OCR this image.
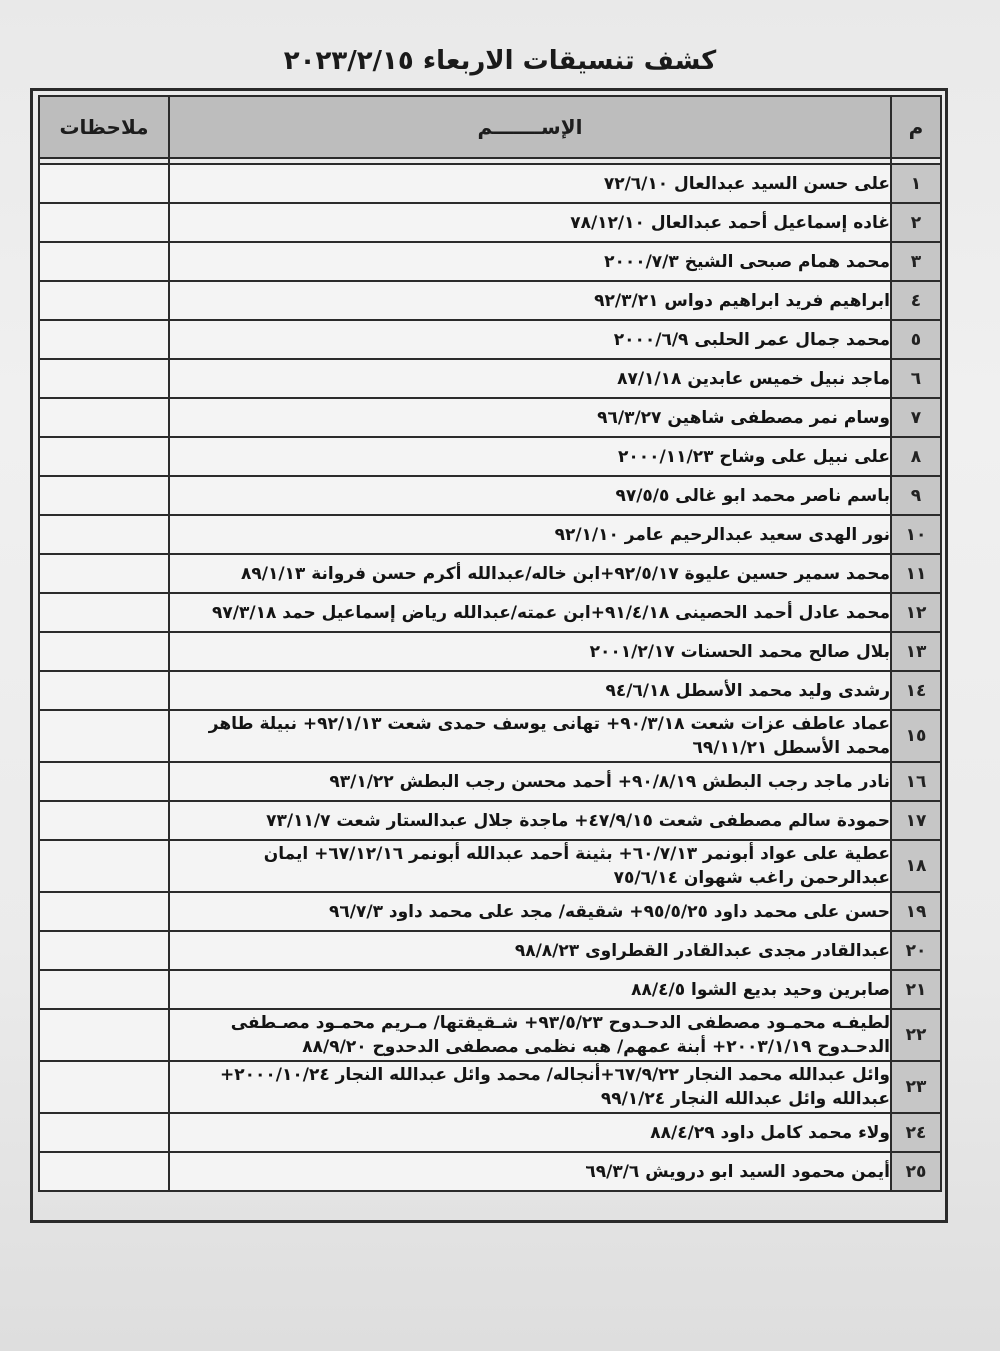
كشف تنسيقات الاربعاء ٢٠٢٣/٢/١٥
م	الإســـــــم	ملاحظات

١	على حسن السيد عبدالعال ٧٢/٦/١٠	
٢	غاده إسماعيل أحمد عبدالعال ٧٨/١٢/١٠	
٣	محمد همام صبحى الشيخ ٢٠٠٠/٧/٣	
٤	ابراهيم فريد ابراهيم دواس ٩٢/٣/٢١	
٥	محمد جمال عمر الحلبى ٢٠٠٠/٦/٩	
٦	ماجد نبيل خميس عابدين ٨٧/١/١٨	
٧	وسام نمر مصطفى شاهين ٩٦/٣/٢٧	
٨	على نبيل على وشاح ٢٠٠٠/١١/٢٣	
٩	باسم ناصر محمد ابو غالى ٩٧/٥/٥	
١٠	نور الهدى سعيد عبدالرحيم عامر ٩٢/١/١٠	
١١	محمد سمير حسين عليوة ٩٢/٥/١٧+ابن خاله/عبدالله أكرم حسن فروانة ٨٩/١/١٣	
١٢	محمد عادل أحمد الحصينى ٩١/٤/١٨+ابن عمته/عبدالله رياض إسماعيل حمد ٩٧/٣/١٨	
١٣	بلال صالح محمد الحسنات ٢٠٠١/٢/١٧	
١٤	رشدى وليد محمد الأسطل ٩٤/٦/١٨	
١٥	عماد عاطف عزات شعت ٩٠/٣/١٨+ تهانى يوسف حمدى شعت ٩٢/١/١٣+ نبيلة طاهر محمد الأسطل ٦٩/١١/٢١	
١٦	نادر ماجد رجب البطش ٩٠/٨/١٩+ أحمد محسن رجب البطش ٩٣/١/٢٢	
١٧	حمودة سالم مصطفى شعت ٤٧/٩/١٥+ ماجدة جلال عبدالستار شعت ٧٣/١١/٧	
١٨	عطية على عواد أبونمر ٦٠/٧/١٣+ بثينة أحمد عبدالله أبونمر ٦٧/١٢/١٦+ ايمان عبدالرحمن راغب شهوان ٧٥/٦/١٤	
١٩	حسن على محمد داود ٩٥/٥/٢٥+ شقيقه/ مجد على محمد داود ٩٦/٧/٣	
٢٠	عبدالقادر مجدى عبدالقادر القطراوى ٩٨/٨/٢٣	
٢١	صابرين وحيد بديع الشوا ٨٨/٤/٥	
٢٢	لطيفـه محمـود مصطفى الدحـدوح ٩٣/٥/٢٣+ شـقيقتها/ مـريم محمـود مصـطفى الدحـدوح ٢٠٠٣/١/١٩+ أبنة عمهم/ هبه نظمى مصطفى الدحدوح ٨٨/٩/٢٠	
٢٣	وائل عبدالله محمد النجار ٦٧/٩/٢٢+أنجاله/ محمد وائل عبدالله النجار ٢٠٠٠/١٠/٢٤+ عبدالله وائل عبدالله النجار ٩٩/١/٢٤	
٢٤	ولاء محمد كامل داود ٨٨/٤/٢٩	
٢٥	أيمن محمود السيد ابو درويش ٦٩/٣/٦	
